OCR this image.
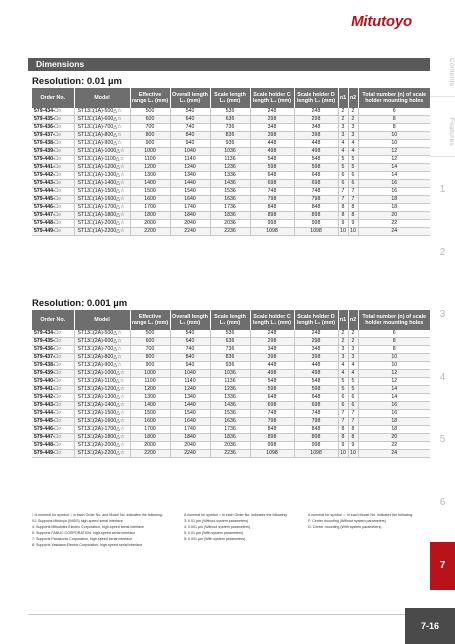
Mitutoyo
Contents
Features
1
2
3
4
5
6
7
Dimensions
Resolution: 0.01 µm
Order No.	Model	Effective range L₁ (mm)	Overall length L₂ (mm)	Scale length L₃ (mm)	Scale holder C length L₄ (mm)	Scale holder D length L₅ (mm)	n1	n2	Total number (n) of scale holder mounting holes
579-434-□○	ST13□(1A)-500△☆	500	540	536	248	248	2	2	6
579-435-□○	ST13□(1A)-600△☆	600	640	636	298	298	2	2	8
579-436-□○	ST13□(1A)-700△☆	700	740	736	348	348	3	3	8
579-437-□○	ST13□(1A)-800△☆	800	840	836	398	398	3	3	10
579-438-□○	ST13□(1A)-900△☆	900	940	936	448	448	4	4	10
579-439-□○	ST13□(1A)-1000△☆	1000	1040	1036	498	498	4	4	12
579-440-□○	ST13□(1A)-1100△☆	1100	1140	1136	548	548	5	5	12
579-441-□○	ST13□(1A)-1200△☆	1200	1240	1236	598	598	5	5	14
579-442-□○	ST13□(1A)-1300△☆	1300	1340	1336	648	648	6	6	14
579-443-□○	ST13□(1A)-1400△☆	1400	1440	1436	698	698	6	6	16
579-444-□○	ST13□(1A)-1500△☆	1500	1540	1536	748	748	7	7	16
579-445-□○	ST13□(1A)-1600△☆	1600	1640	1636	798	798	7	7	18
579-446-□○	ST13□(1A)-1700△☆	1700	1740	1736	848	848	8	8	18
579-447-□○	ST13□(1A)-1800△☆	1800	1840	1836	898	898	8	8	20
579-448-□○	ST13□(1A)-2000△☆	2000	2040	2036	998	998	9	9	22
579-449-□○	ST13□(1A)-2200△☆	2200	2240	2236	1098	1098	10	10	24
Resolution: 0.001 µm
Order No.	Model	Effective range L₁ (mm)	Overall length L₂ (mm)	Scale length L₃ (mm)	Scale holder C length L₄ (mm)	Scale holder D length L₅ (mm)	n1	n2	Total number (n) of scale holder mounting holes
579-434-□○	ST13□(2A)-500△☆	500	540	536	248	248	2	2	6
579-435-□○	ST13□(2A)-600△☆	600	640	636	298	298	2	2	8
579-436-□○	ST13□(2A)-700△☆	700	740	736	348	348	3	3	8
579-437-□○	ST13□(2A)-800△☆	800	840	836	398	398	3	3	10
579-438-□○	ST13□(2A)-900△☆	900	940	936	448	448	4	4	10
579-439-□○	ST13□(2A)-1000△☆	1000	1040	1036	498	498	4	4	12
579-440-□○	ST13□(2A)-1100△☆	1100	1140	1136	548	548	5	5	12
579-441-□○	ST13□(2A)-1200△☆	1200	1240	1236	598	598	5	5	14
579-442-□○	ST13□(2A)-1300△☆	1300	1340	1336	648	648	6	6	14
579-443-□○	ST13□(2A)-1400△☆	1400	1440	1436	698	698	6	6	16
579-444-□○	ST13□(2A)-1500△☆	1500	1540	1536	748	748	7	7	16
579-445-□○	ST13□(2A)-1600△☆	1600	1640	1636	798	798	7	7	18
579-446-□○	ST13□(2A)-1700△☆	1700	1740	1736	848	848	8	8	18
579-447-□○	ST13□(2A)-1800△☆	1800	1840	1836	898	898	8	8	20
579-448-□○	ST13□(2A)-2000△☆	2000	2040	2036	998	998	9	9	22
579-449-□○	ST13□(2A)-2200△☆	2200	2240	2236	1098	1098	10	10	24
□ A numeral for symbol □ in each Order No. and Model No. indicates the following:
01: Supports Mitutoyo (INSIS) high-speed serial interface
4: Supports Mitsubishi Electric Corporation, high-speed serial interface
5: Supports FANUC CORPORATION, high-speed serial interface
7: Supports Panasonic Corporation, high-speed serial interface
8: Supports Yaskawa Electric Corporation, high-speed serial interface
A numeral for symbol ○ in each Order No. indicates the following:
3: 0.01 µm (Without system parameters)
4: 0.001 µm (Without system parameters)
5: 0.01 µm (With system parameters)
6: 0.001 µm (With system parameters)
A numeral for symbol ☆ in each Model No. indicates the following:
F: Center mounting (Without system parameters)
G: Center mounting (With system parameters)
7-16
